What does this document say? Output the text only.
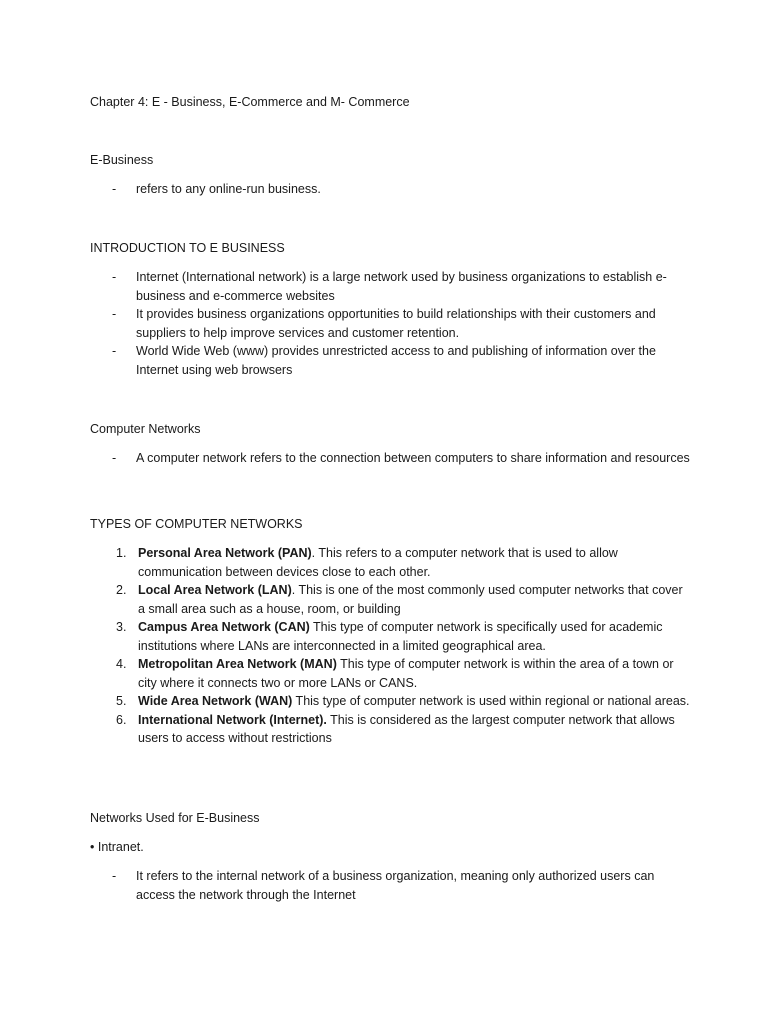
Chapter 4: E - Business, E-Commerce and M- Commerce
E-Business
- refers to any online-run business.
INTRODUCTION TO E BUSINESS
- Internet (International network) is a large network used by business organizations to establish e-business and e-commerce websites
- It provides business organizations opportunities to build relationships with their customers and suppliers to help improve services and customer retention.
- World Wide Web (www) provides unrestricted access to and publishing of information over the Internet using web browsers
Computer Networks
- A computer network refers to the connection between computers to share information and resources
TYPES OF COMPUTER NETWORKS
1. Personal Area Network (PAN). This refers to a computer network that is used to allow communication between devices close to each other.
2. Local Area Network (LAN). This is one of the most commonly used computer networks that cover a small area such as a house, room, or building
3. Campus Area Network (CAN) This type of computer network is specifically used for academic institutions where LANs are interconnected in a limited geographical area.
4. Metropolitan Area Network (MAN) This type of computer network is within the area of a town or city where it connects two or more LANs or CANS.
5. Wide Area Network (WAN) This type of computer network is used within regional or national areas.
6. International Network (Internet). This is considered as the largest computer network that allows users to access without restrictions
Networks Used for E-Business
• Intranet.
- It refers to the internal network of a business organization, meaning only authorized users can access the network through the Internet
